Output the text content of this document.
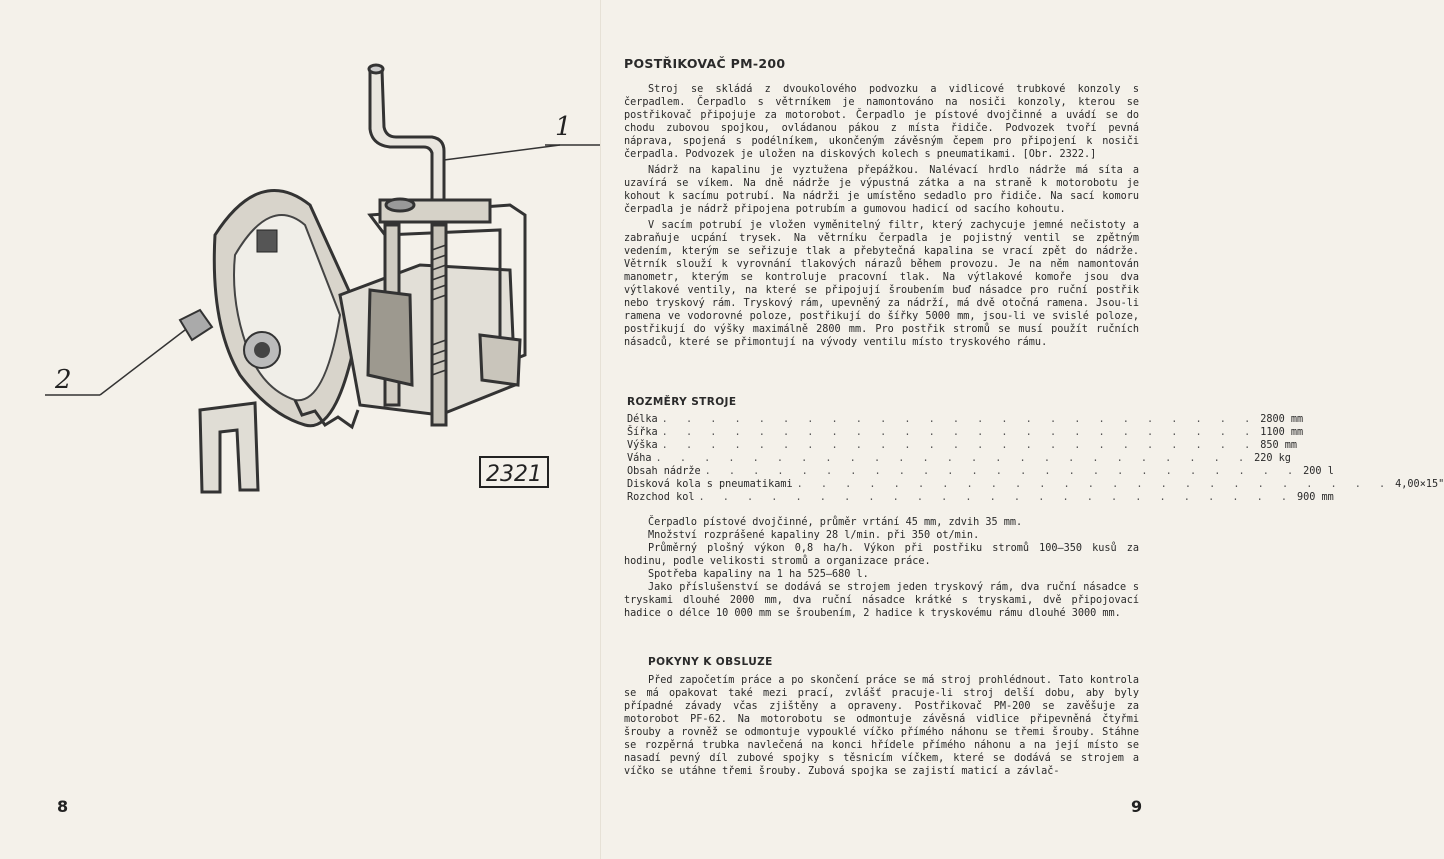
1
2
2321
8
POSTŘIKOVAČ PM-200

Stroj se skládá z dvoukolového podvozku a vidlicové trubkové konzoly s čerpadlem. Čerpadlo s větrníkem je namontováno na nosiči konzoly, kterou se postřikovač připojuje za motorobot. Čerpadlo je pístové dvojčinné a uvádí se do chodu zubovou spojkou, ovládanou pákou z místa řidiče. Podvozek tvoří pevná náprava, spojená s podélníkem, ukončeným závěsným čepem pro připojení k nosiči čerpadla. Podvozek je uložen na diskových kolech s pneumatikami. [Obr. 2322.]

Nádrž na kapalinu je vyztužena přepážkou. Nalévací hrdlo nádrže má síta a uzavírá se víkem. Na dně nádrže je výpustná zátka a na straně k motorobotu je kohout k sacímu potrubí. Na nádrži je umístěno sedadlo pro řidiče. Na sací komoru čerpadla je nádrž připojena potrubím a gumovou hadicí od sacího kohoutu.

V sacím potrubí je vložen vyměnitelný filtr, který zachycuje jemné nečistoty a zabraňuje ucpání trysek. Na větrníku čerpadla je pojistný ventil se zpětným vedením, kterým se seřizuje tlak a přebytečná kapalina se vrací zpět do nádrže. Větrník slouží k vyrovnání tlakových nárazů během provozu. Je na něm namontován manometr, kterým se kontroluje pracovní tlak. Na výtlakové komoře jsou dva výtlakové ventily, na které se připojují šroubením buď násadce pro ruční postřik nebo tryskový rám. Tryskový rám, upevněný za nádrží, má dvě otočná ramena. Jsou-li ramena ve vodorovné poloze, postřikují do šířky 5000 mm, jsou-li ve svislé poloze, postřikují do výšky maximálně 2800 mm. Pro postřik stromů se musí použít ručních násadců, které se přimontují na vývody ventilu místo tryskového rámu.

ROZMĚRY STROJE
Délka . . . . . . . . . . . . . . . . . . . . . . . . . 2800 mm
Šířka . . . . . . . . . . . . . . . . . . . . . . . . . 1100 mm
Výška . . . . . . . . . . . . . . . . . . . . . . . . . 850 mm
Váha . . . . . . . . . . . . . . . . . . . . . . . . . 220 kg
Obsah nádrže . . . . . . . . . . . . . . . . . . . . . . . . . 200 l
Disková kola s pneumatikami . . . . . . . . . . . . . . . . . . . . . . . . . 4,00×15"
Rozchod kol . . . . . . . . . . . . . . . . . . . . . . . . . 900 mm

Čerpadlo pístové dvojčinné, průměr vrtání 45 mm, zdvih 35 mm.

Množství rozprášené kapaliny 28 l/min. při 350 ot/min.

Průměrný plošný výkon 0,8 ha/h. Výkon při postřiku stromů 100—350 kusů za hodinu, podle velikosti stromů a organizace práce.

Spotřeba kapaliny na 1 ha 525—680 l.

Jako příslušenství se dodává se strojem jeden tryskový rám, dva ruční násadce s tryskami dlouhé 2000 mm, dva ruční násadce krátké s tryskami, dvě připojovací hadice o délce 10 000 mm se šroubením, 2 hadice k tryskovému rámu dlouhé 3000 mm.

POKYNY K OBSLUZE

Před započetím práce a po skončení práce se má stroj prohlédnout. Tato kontrola se má opakovat také mezi prací, zvlášť pracuje-li stroj delší dobu, aby byly případné závady včas zjištěny a opraveny. Postřikovač PM-200 se zavěšuje za motorobot PF-62. Na motorobotu se odmontuje závěsná vidlice připevněná čtyřmi šrouby a rovněž se odmontuje vypouklé víčko přímého náhonu se třemi šrouby. Stáhne se rozpěrná trubka navlečená na konci hřídele přímého náhonu a na její místo se nasadí pevný díl zubové spojky s těsnicím víčkem, které se dodává se strojem a víčko se utáhne třemi šrouby. Zubová spojka se zajistí maticí a závlač-

9
